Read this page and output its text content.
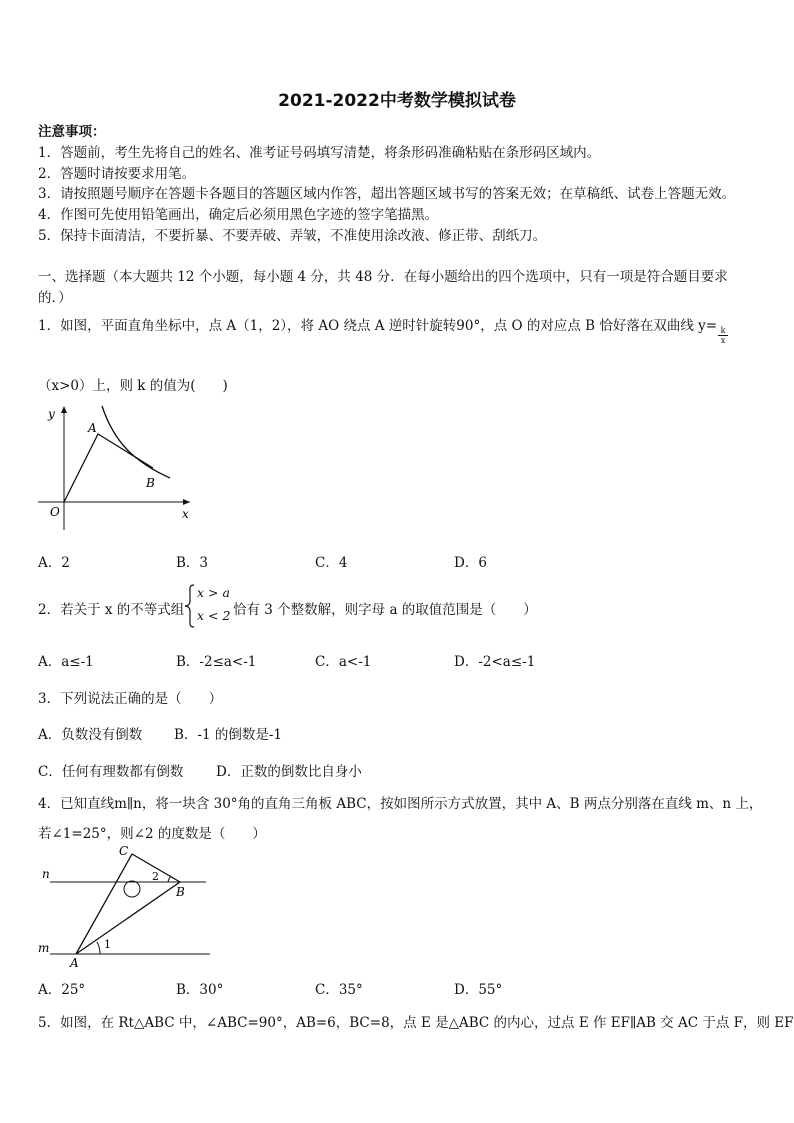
2021-2022中考数学模拟试卷
注意事项：
1．答题前，考生先将自己的姓名、准考证号码填写清楚，将条形码准确粘贴在条形码区域内。
2．答题时请按要求用笔。
3．请按照题号顺序在答题卡各题目的答题区域内作答，超出答题区域书写的答案无效；在草稿纸、试卷上答题无效。
4．作图可先使用铅笔画出，确定后必须用黑色字迹的签字笔描黑。
5．保持卡面清洁，不要折暴、不要弄破、弄皱，不准使用涂改液、修正带、刮纸刀。
一、选择题（本大题共 12 个小题，每小题 4 分，共 48 分．在每小题给出的四个选项中，只有一项是符合题目要求
的．）
1．如图，平面直角坐标中，点 A（1，2），将 AO 绕点 A 逆时针旋转90°，点 O 的对应点 B 恰好落在双曲线 $y= \frac{k}{x}$
（x>0）上，则 k 的值为(　　)
y
A
B
O	x
A．2	B．3	C．4	D．6
2．若关于 x 的不等式组
x > a
x < 2 恰有 3 个整数解，则字母 a 的取值范围是（　　）
A．a≤-1	B．-2≤a<-1	C．a<-1	D．-2<a≤-1
3．下列说法正确的是（　　）
A．负数没有倒数 B．-1 的倒数是-1
C．任何有理数都有倒数 D．正数的倒数比自身小
4．已知直线m∥n，将一块含 30°角的直角三角板 ABC，按如图所示方式放置，其中 A、B 两点分别落在直线 m、n 上，
若∠1=25°，则∠2 的度数是（　　）
C
n	2
B
m	1
A
A．25°	B．30°	C．35°	D．55°
5．如图，在 Rt△ABC 中，∠ABC=90°，AB=6，BC=8，点 E 是△ABC 的内心，过点 E 作 EF∥AB 交 AC 于点 F，则 EF
